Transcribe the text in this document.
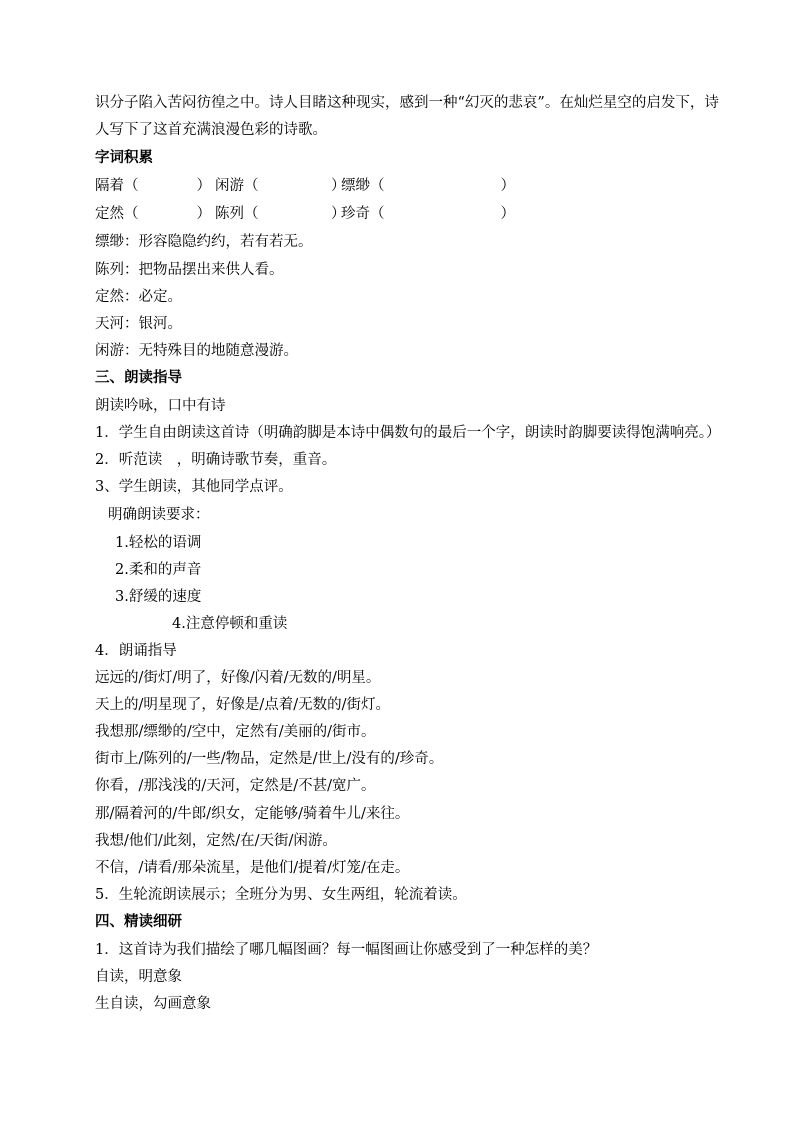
识分子陷入苦闷彷徨之中。诗人目睹这种现实，感到一种“幻灭的悲哀”。在灿烂星空的启发下，诗
人写下了这首充满浪漫色彩的诗歌。
字词积累
隔着（　　　　） 闲游（　　　　　）缥缈（　　　　　　　　）
定然（　　　　） 陈列（　　　　　）珍奇（　　　　　　　　）
缥缈：形容隐隐约约，若有若无。
陈列：把物品摆出来供人看。
定然：必定。
天河：银河。
闲游：无特殊目的地随意漫游。
三、朗读指导
朗读吟咏，口中有诗
1．学生自由朗读这首诗（明确韵脚是本诗中偶数句的最后一个字，朗读时韵脚要读得饱满响亮。）
2．听范读　，明确诗歌节奏，重音。
3、学生朗读，其他同学点评。
明确朗读要求：
1.轻松的语调
2.柔和的声音
3.舒缓的速度
4.注意停顿和重读
4．朗诵指导
远远的/街灯/明了，好像/闪着/无数的/明星。
天上的/明星现了，好像是/点着/无数的/街灯。
我想那/缥缈的/空中，定然有/美丽的/街市。
街市上/陈列的/一些/物品，定然是/世上/没有的/珍奇。
你看，/那浅浅的/天河，定然是/不甚/宽广。
那/隔着河的/牛郎/织女，定能够/骑着牛儿/来往。
我想/他们/此刻，定然/在/天街/闲游。
不信，/请看/那朵流星，是他们/提着/灯笼/在走。
5．生轮流朗读展示；全班分为男、女生两组，轮流着读。
四、精读细研
1．这首诗为我们描绘了哪几幅图画？每一幅图画让你感受到了一种怎样的美？
自读，明意象
生自读，勾画意象
